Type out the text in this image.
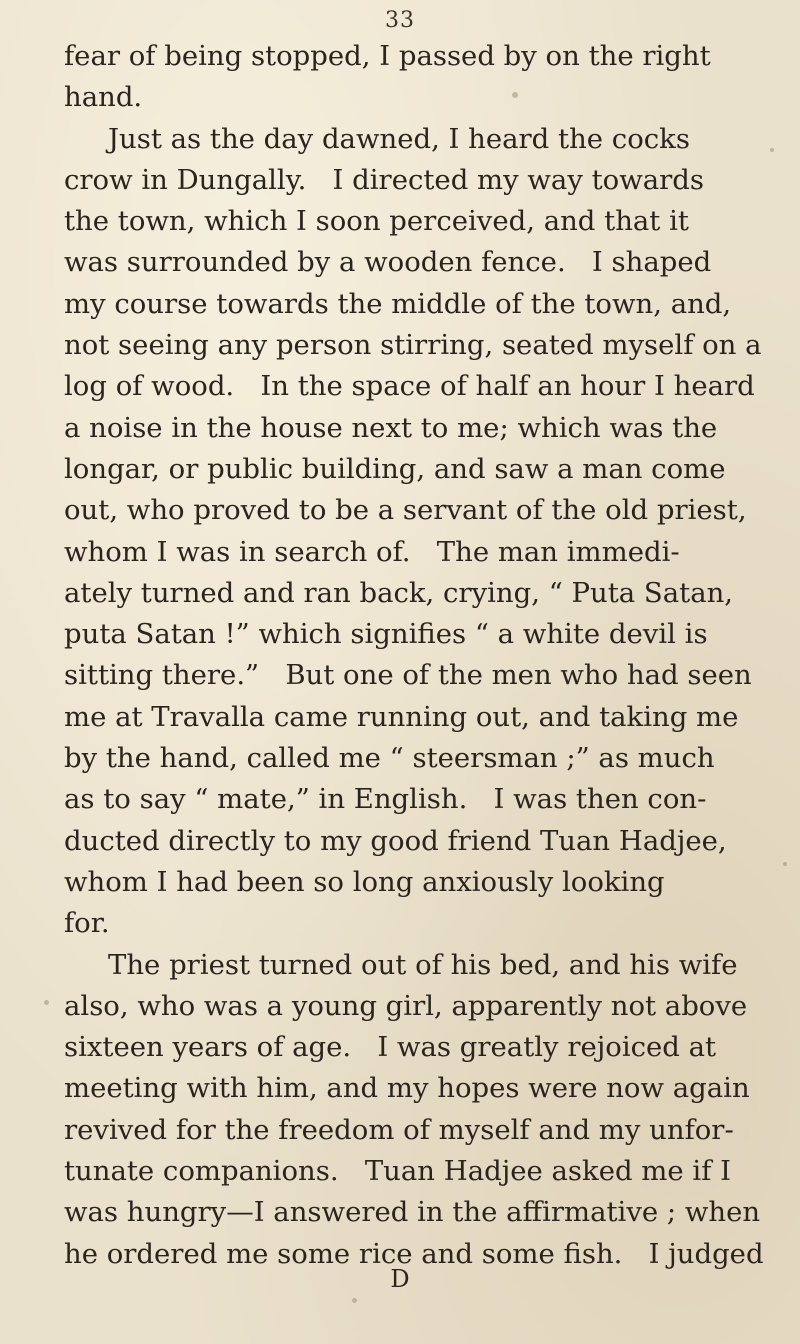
33
fear of being stopped, I passed by on the right
hand.
Just as the day dawned, I heard the cocks
crow in Dungally.   I directed my way towards
the town, which I soon perceived, and that it
was surrounded by a wooden fence.   I shaped
my course towards the middle of the town, and,
not seeing any person stirring, seated myself on a
log of wood.   In the space of half an hour I heard
a noise in the house next to me; which was the
longar, or public building, and saw a man come
out, who proved to be a servant of the old priest,
whom I was in search of.   The man immedi-
ately turned and ran back, crying, “ Puta Satan,
puta Satan !” which signifies “ a white devil is
sitting there.”   But one of the men who had seen
me at Travalla came running out, and taking me
by the hand, called me “ steersman ;” as much
as to say “ mate,” in English.   I was then con-
ducted directly to my good friend Tuan Hadjee,
whom I had been so long anxiously looking
for.
The priest turned out of his bed, and his wife
also, who was a young girl, apparently not above
sixteen years of age.   I was greatly rejoiced at
meeting with him, and my hopes were now again
revived for the freedom of myself and my unfor-
tunate companions.   Tuan Hadjee asked me if I
was hungry—I answered in the affirmative ; when
he ordered me some rice and some fish.   I judged
D
